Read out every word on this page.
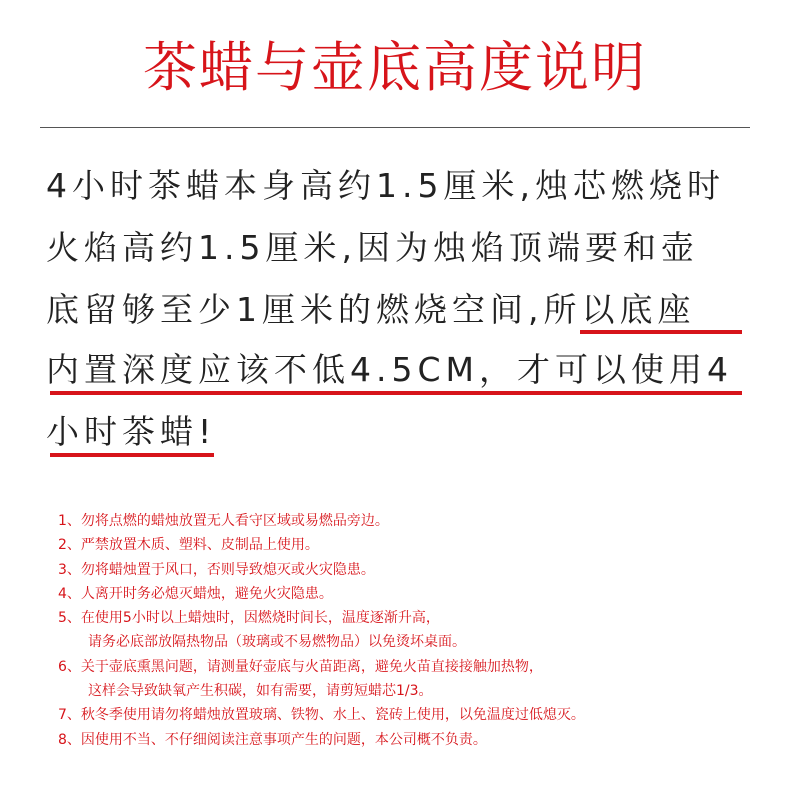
茶蜡与壶底高度说明
4小时茶蜡本身高约1.5厘米,烛芯燃烧时
火焰高约1.5厘米,因为烛焰顶端要和壶
底留够至少1厘米的燃烧空间,所以底座
内置深度应该不低4.5CM，才可以使用4
小时茶蜡!
1、勿将点燃的蜡烛放置无人看守区域或易燃品旁边。
2、严禁放置木质、塑料、皮制品上使用。
3、勿将蜡烛置于风口，否则导致熄灭或火灾隐患。
4、人离开时务必熄灭蜡烛，避免火灾隐患。
5、在使用5小时以上蜡烛时，因燃烧时间长，温度逐渐升高，
请务必底部放隔热物品（玻璃或不易燃物品）以免烫坏桌面。
6、关于壶底熏黑问题，请测量好壶底与火苗距离，避免火苗直接接触加热物，
这样会导致缺氧产生积碳，如有需要，请剪短蜡芯1/3。
7、秋冬季使用请勿将蜡烛放置玻璃、铁物、水上、瓷砖上使用，以免温度过低熄灭。
8、因使用不当、不仔细阅读注意事项产生的问题，本公司概不负责。
